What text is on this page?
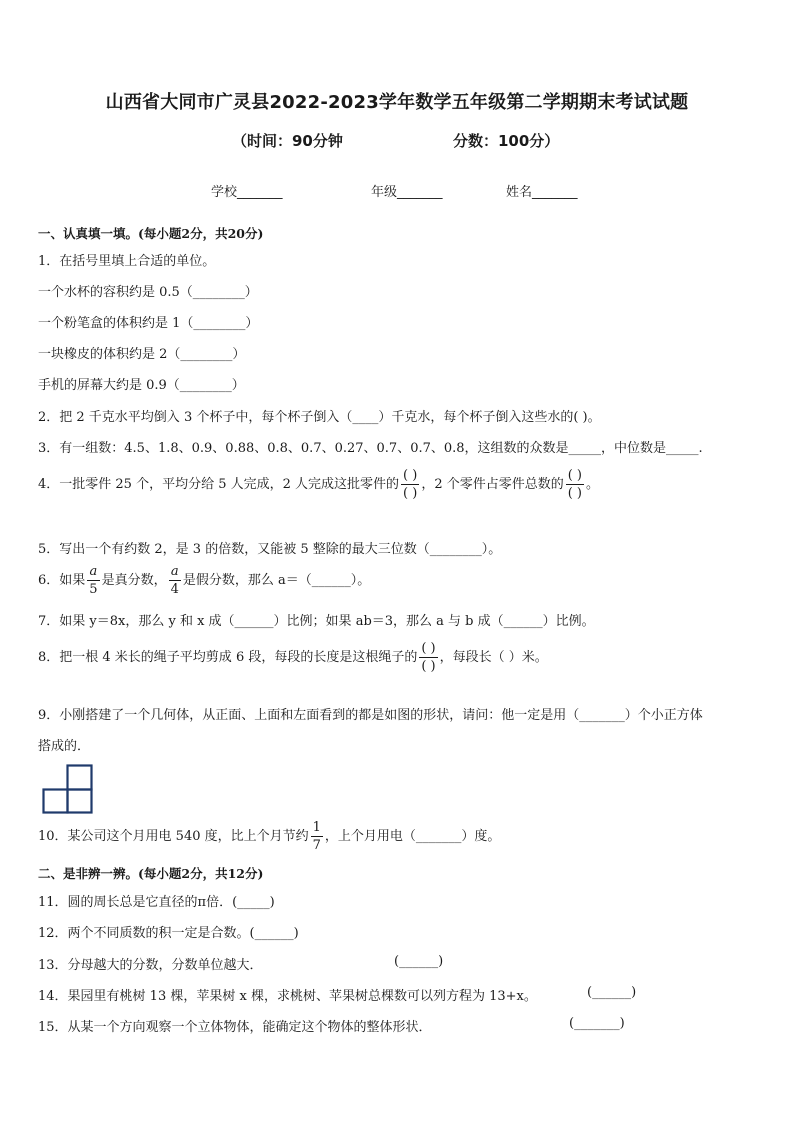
山西省大同市广灵县2022-2023学年数学五年级第二学期期末考试试题
（时间：90分钟	分数：100分）
学校_______	年级_______	姓名_______
一、认真填一填。(每小题2分，共20分)
1．在括号里填上合适的单位。
一个水杯的容积约是 0.5（________）
一个粉笔盒的体积约是 1（________）
一块橡皮的体积约是 2（________）
手机的屏幕大约是 0.9（________）
2．把 2 千克水平均倒入 3 个杯子中，每个杯子倒入（____）千克水，每个杯子倒入这些水的( )。
3．有一组数：4.5、1.8、0.9、0.88、0.8、0.7、0.27、0.7、0.7、0.8，这组数的众数是_____，中位数是_____.
4．一批零件 25 个，平均分给 5 人完成，2 人完成这批零件的 $\frac{( )}{( )}$ ，2 个零件占零件总数的 $\frac{( )}{( )}$ 。
5．写出一个有约数 2，是 3 的倍数，又能被 5 整除的最大三位数（________）。
6．如果 $\frac{a}{5}$ 是真分数， $\frac{a}{4}$ 是假分数，那么 a＝（______）。
7．如果 y＝8x，那么 y 和 x 成（______）比例；如果 ab＝3，那么 a 与 b 成（______）比例。
8．把一根 4 米长的绳子平均剪成 6 段，每段的长度是这根绳子的 $\frac{( )}{( )}$ ，每段长（ ）米。
9．小刚搭建了一个几何体，从正面、上面和左面看到的都是如图的形状，请问：他一定是用（_______）个小正方体
搭成的．
10．某公司这个月用电 540 度，比上个月节约 $\frac{1}{7}$ ，上个月用电（_______）度。
二、是非辨一辨。(每小题2分，共12分)
11．圆的周长总是它直径的π倍．(_____)
12．两个不同质数的积一定是合数。(______)
13．分母越大的分数，分数单位越大．	(______)
14．果园里有桃树 13 棵，苹果树 x 棵，求桃树、苹果树总棵数可以列方程为 13+x。	(______)
15．从某一个方向观察一个立体物体，能确定这个物体的整体形状．	(_______)
